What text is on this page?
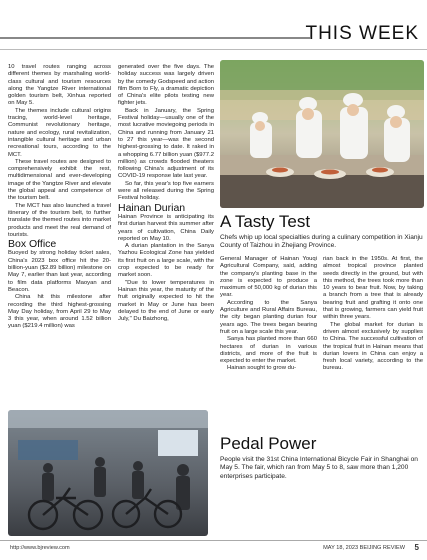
THIS WEEK

10 travel routes ranging across different themes by marshaling world-class cultural and tourism resources along the Yangtze River international golden tourism belt, Xinhua reported on May 5.

The themes include cultural origins tracing, world-level heritage, Communist revolutionary heritage, nature and ecology, rural revitalization, intangible cultural heritage and urban recreational tours, according to the MCT.

These travel routes are designed to comprehensively exhibit the rest, multidimensional and ever-developing image of the Yangtze River and elevate the global appeal and competence of the tourism belt.

The MCT has also launched a travel itinerary of the tourism belt, to further translate the themed routes into market products and meet the real demand of tourists.

Box Office

Buoyed by strong holiday ticket sales, China's 2023 box office hit the 20-billion-yuan ($2.89 billion) milestone on May 7, earlier than last year, according to film data platforms Maoyan and Beacon.

China hit this milestone after recording the third highest-grossing May Day holiday, from April 29 to May 3 this year, when around 1.52 billion yuan ($219.4 million) was

generated over the five days. The holiday success was largely driven by the comedy Godspeed and action film Born to Fly, a dramatic depiction of China's elite pilots testing new fighter jets.

Back in January, the Spring Festival holiday—usually one of the most lucrative moviegoing periods in China and running from January 21 to 27 this year—was the second highest-grossing to date. It raked in a whopping 6.77 billion yuan ($977.2 million) as crowds flooded theaters following China's adjustment of its COVID-19 response late last year.

So far, this year's top five earners were all released during the Spring Festival holiday.

Hainan Durian

Hainan Province is anticipating its first durian harvest this summer after years of cultivation, China Daily reported on May 10.

A durian plantation in the Sanya Yazhou Ecological Zone has yielded its first fruit on a large scale, with the crop expected to be ready for market soon.

"Due to lower temperatures in Hainan this year, the maturity of the fruit originally expected to hit the market in May or June has been delayed to the end of June or early July," Du Baizhong,

A Tasty Test
Chefs whip up local specialties during a culinary competition in Xianju County of Taizhou in Zhejiang Province.

General Manager of Hainan Youqi Agricultural Company, said, adding the company's planting base in the zone is expected to produce a maximum of 50,000 kg of durian this year.

According to the Sanya Agriculture and Rural Affairs Bureau, the city began planting durian four years ago. The trees began bearing fruit on a large scale this year.

Sanya has planted more than 660 hectares of durian in various districts, and more of the fruit is expected to enter the market.

Hainan sought to grow du-

rian back in the 1950s. At first, the almost tropical province planted seeds directly in the ground, but with this method, the trees took more than 10 years to bear fruit. Now, by taking a branch from a tree that is already bearing fruit and grafting it onto one that is growing, farmers can yield fruit within three years.

The global market for durian is driven almost exclusively by supplies to China. The successful cultivation of the tropical fruit in Hainan means that durian lovers in China can enjoy a fresh local variety, according to the bureau.

Pedal Power
People visit the 31st China International Bicycle Fair in Shanghai on May 5. The fair, which ran from May 5 to 8, saw more than 1,200 enterprises participate.
http://www.bjreview.com	MAY 18, 2023 BEIJING REVIEW 5
